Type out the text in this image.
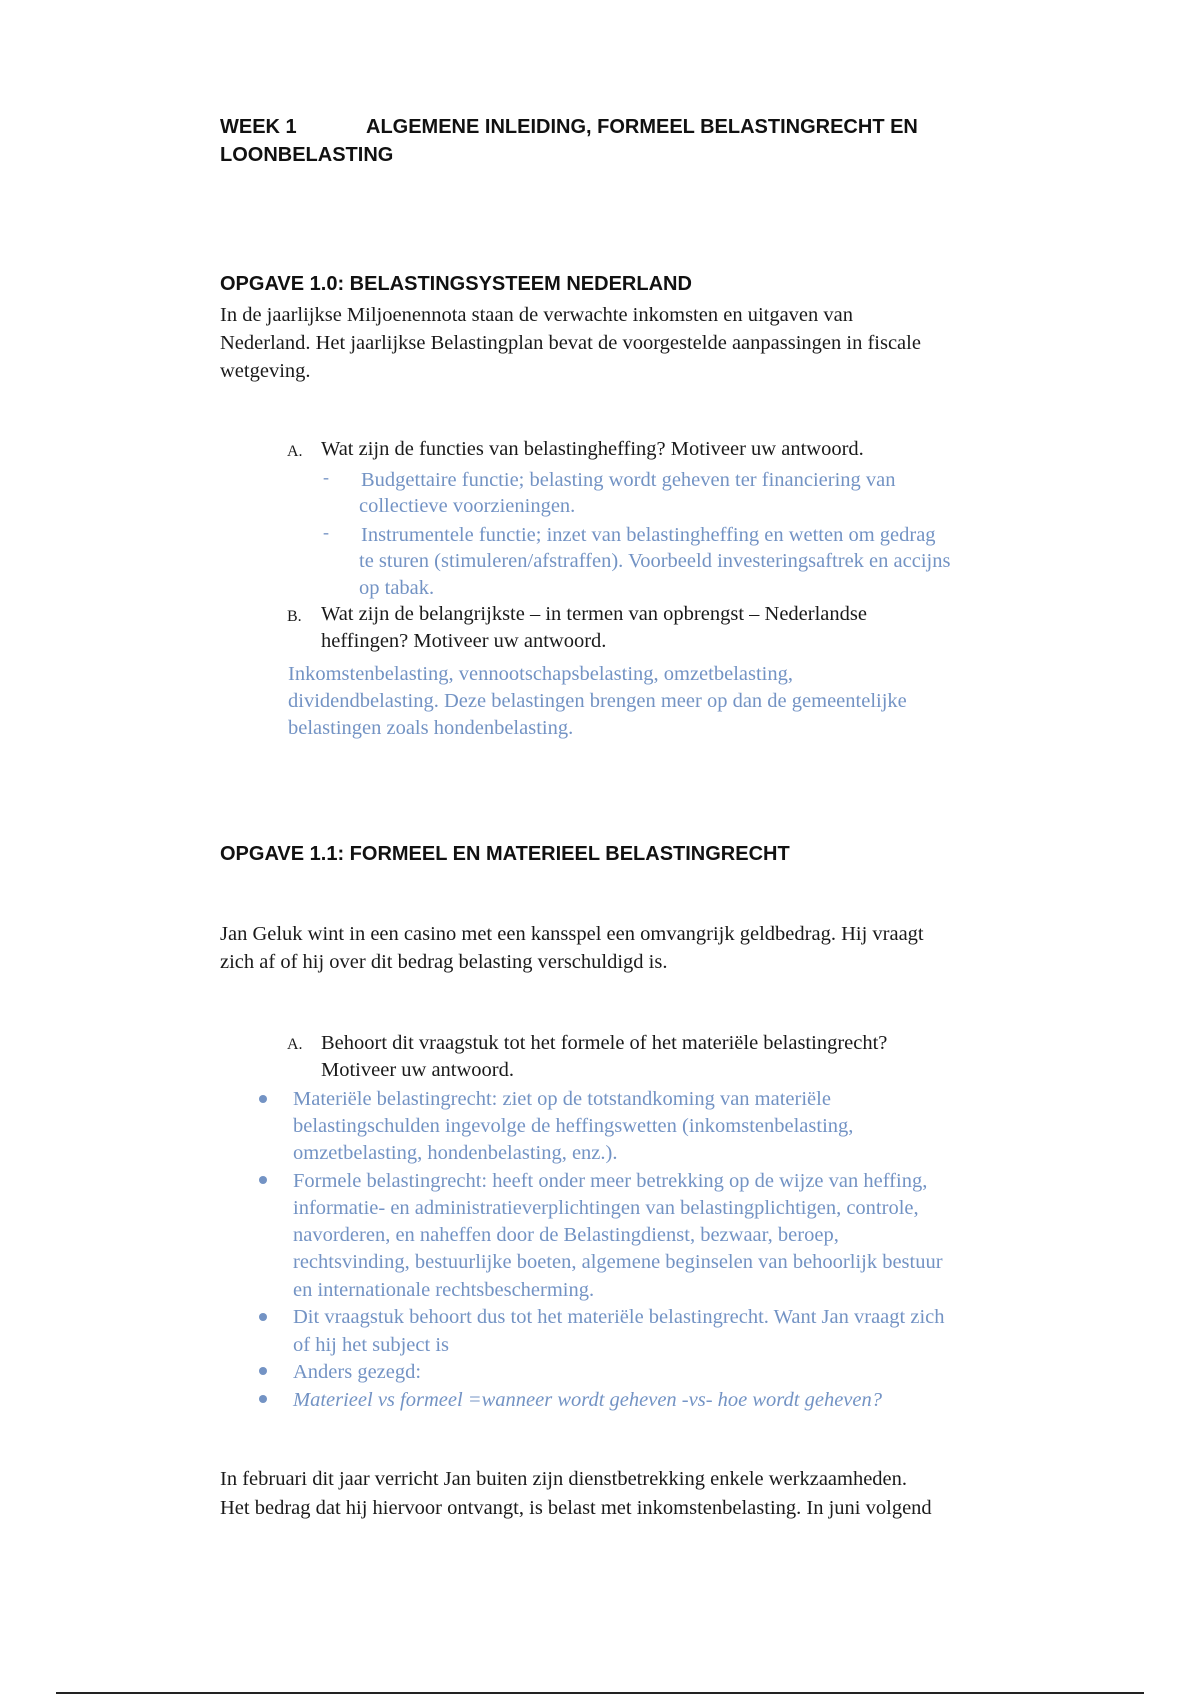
WEEK 1	ALGEMENE INLEIDING, FORMEEL BELASTINGRECHT EN
LOONBELASTING
OPGAVE 1.0: BELASTINGSYSTEEM NEDERLAND
In de jaarlijkse Miljoenennota staan de verwachte inkomsten en uitgaven van
Nederland. Het jaarlijkse Belastingplan bevat de voorgestelde aanpassingen in fiscale
wetgeving.
A. Wat zijn de functies van belastingheffing? Motiveer uw antwoord.
- Budgettaire functie; belasting wordt geheven ter financiering van
collectieve voorzieningen.
- Instrumentele functie; inzet van belastingheffing en wetten om gedrag
te sturen (stimuleren/afstraffen). Voorbeeld investeringsaftrek en accijns
op tabak.
B. Wat zijn de belangrijkste – in termen van opbrengst – Nederlandse
heffingen? Motiveer uw antwoord.
Inkomstenbelasting, vennootschapsbelasting, omzetbelasting,
dividendbelasting. Deze belastingen brengen meer op dan de gemeentelijke
belastingen zoals hondenbelasting.
OPGAVE 1.1: FORMEEL EN MATERIEEL BELASTINGRECHT
Jan Geluk wint in een casino met een kansspel een omvangrijk geldbedrag. Hij vraagt
zich af of hij over dit bedrag belasting verschuldigd is.
A. Behoort dit vraagstuk tot het formele of het materiële belastingrecht?
Motiveer uw antwoord.
Materiële belastingrecht: ziet op de totstandkoming van materiële
belastingschulden ingevolge de heffingswetten (inkomstenbelasting,
omzetbelasting, hondenbelasting, enz.).
Formele belastingrecht: heeft onder meer betrekking op de wijze van heffing,
informatie- en administratieverplichtingen van belastingplichtigen, controle,
navorderen, en naheffen door de Belastingdienst, bezwaar, beroep,
rechtsvinding, bestuurlijke boeten, algemene beginselen van behoorlijk bestuur
en internationale rechtsbescherming.
Dit vraagstuk behoort dus tot het materiële belastingrecht. Want Jan vraagt zich
of hij het subject is
Anders gezegd:
Materieel vs formeel =wanneer wordt geheven -vs- hoe wordt geheven?
In februari dit jaar verricht Jan buiten zijn dienstbetrekking enkele werkzaamheden.
Het bedrag dat hij hiervoor ontvangt, is belast met inkomstenbelasting. In juni volgend
